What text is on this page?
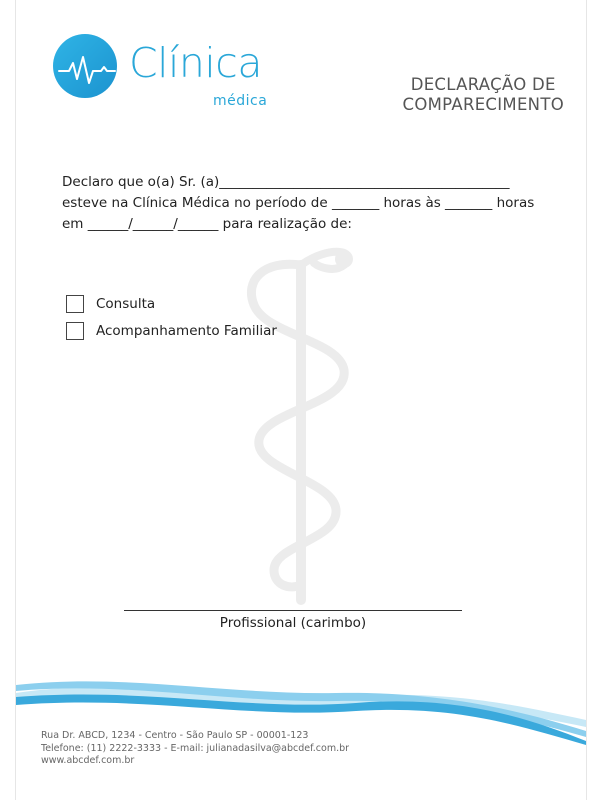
Clínica
médica
DECLARAÇÃO DE
COMPARECIMENTO
Declaro que o(a) Sr. (a)___________________________________________
esteve na Clínica Médica no período de _______ horas às _______ horas
em ______/______/______ para realização de:
Consulta
Acompanhamento Familiar
Profissional (carimbo)
Rua Dr. ABCD, 1234 - Centro - São Paulo SP - 00001-123
Telefone: (11) 2222-3333 - E-mail: julianadasilva@abcdef.com.br
www.abcdef.com.br
